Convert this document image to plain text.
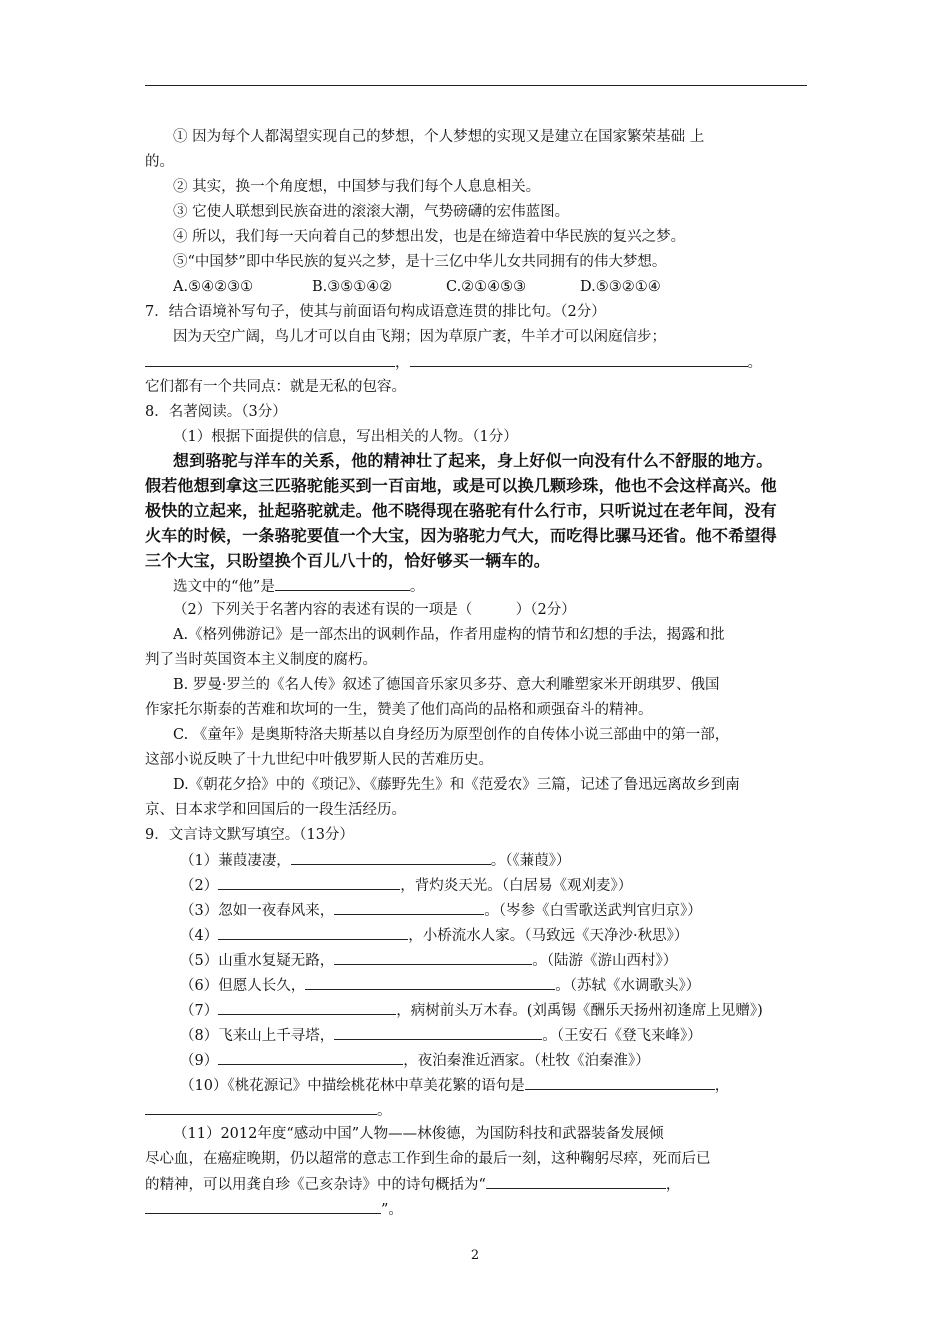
① 因为每个人都渴望实现自己的梦想，个人梦想的实现又是建立在国家繁荣基础 上
的。
② 其实，换一个角度想，中国梦与我们每个人息息相关。
③ 它使人联想到民族奋进的滚滚大潮，气势磅礴的宏伟蓝图。
④ 所以，我们每一天向着自己的梦想出发，也是在缔造着中华民族的复兴之梦。
⑤“中国梦”即中华民族的复兴之梦，是十三亿中华儿女共同拥有的伟大梦想。
A.⑤④②③①	B.③⑤①④②	C.②①④⑤③	D.⑤③②①④
7．结合语境补写句子，使其与前面语句构成语意连贯的排比句。（2分）
因为天空广阔，鸟儿才可以自由飞翔；因为草原广袤，牛羊才可以闲庭信步；
，	。
它们都有一个共同点：就是无私的包容。
8．名著阅读。（3分）
（1）根据下面提供的信息，写出相关的人物。（1分）
想到骆驼与洋车的关系，他的精神壮了起来，身上好似一向没有什么不舒服的地方。
假若他想到拿这三匹骆驼能买到一百亩地，或是可以换几颗珍珠，他也不会这样高兴。他
极快的立起来，扯起骆驼就走。他不晓得现在骆驼有什么行市，只听说过在老年间，没有
火车的时候，一条骆驼要值一个大宝，因为骆驼力气大，而吃得比骡马还省。他不希望得
三个大宝，只盼望换个百儿八十的，恰好够买一辆车的。
选文中的“他”是	。
（2）下列关于名著内容的表述有误的一项是（　　　）（2分）
A.《格列佛游记》是一部杰出的讽刺作品，作者用虚构的情节和幻想的手法，揭露和批
判了当时英国资本主义制度的腐朽。
B. 罗曼·罗兰的《名人传》叙述了德国音乐家贝多芬、意大利雕塑家米开朗琪罗、俄国
作家托尔斯泰的苦难和坎坷的一生，赞美了他们高尚的品格和顽强奋斗的精神。
C. 《童年》是奥斯特洛夫斯基以自身经历为原型创作的自传体小说三部曲中的第一部，
这部小说反映了十九世纪中叶俄罗斯人民的苦难历史。
D.《朝花夕拾》中的《琐记》、《藤野先生》和《范爱农》三篇，记述了鲁迅远离故乡到南
京、日本求学和回国后的一段生活经历。
9．文言诗文默写填空。（13分）
（1）蒹葭凄凄，	。（《蒹葭》）
（2）	，背灼炎天光。（白居易《观刈麦》）
（3）忽如一夜春风来，	。（岑参《白雪歌送武判官归京》）
（4）	，小桥流水人家。（马致远《天净沙·秋思》）
（5）山重水复疑无路，	。（陆游《游山西村》）
（6）但愿人长久，	。（苏轼《水调歌头》）
（7）	，病树前头万木春。(刘禹锡《酬乐天扬州初逢席上见赠》)
（8）飞来山上千寻塔，	。（王安石《登飞来峰》）
（9）	，夜泊秦淮近酒家。（杜牧《泊秦淮》）
（10）《桃花源记》中描绘桃花林中草美花繁的语句是	，
。
（11）2012年度“感动中国”人物——林俊德，为国防科技和武器装备发展倾
尽心血，在癌症晚期，仍以超常的意志工作到生命的最后一刻，这种鞠躬尽瘁，死而后已
的精神，可以用龚自珍《己亥杂诗》中的诗句概括为“	，
”。
2
